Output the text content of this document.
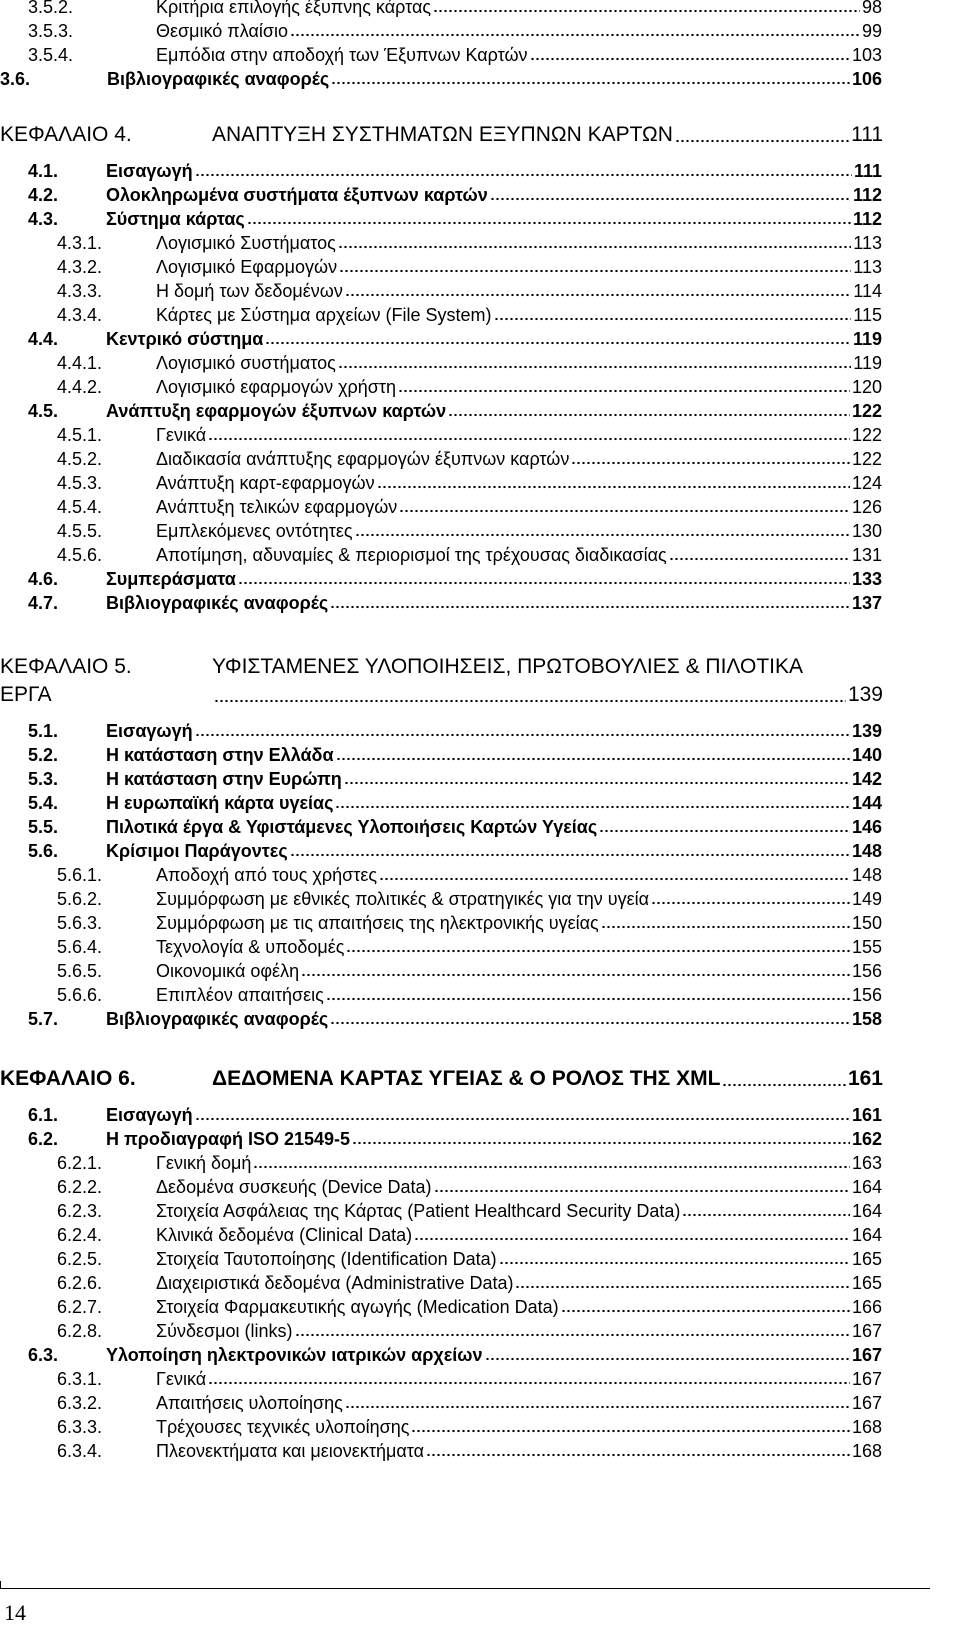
3.5.2.	Κριτήρια επιλογής έξυπνης κάρτας	98
3.5.3.	Θεσμικό πλαίσιο	99
3.5.4.	Εμπόδια στην αποδοχή των Έξυπνων Καρτών	103
3.6.	Βιβλιογραφικές αναφορές	106
ΚΕΦΑΛΑΙΟ 4.	ΑΝΑΠΤΥΞΗ ΣΥΣΤΗΜΑΤΩΝ ΕΞΥΠΝΩΝ ΚΑΡΤΩΝ	111
4.1.	Εισαγωγή	111
4.2.	Ολοκληρωμένα συστήματα έξυπνων καρτών	112
4.3.	Σύστημα κάρτας	112
4.3.1.	Λογισμικό Συστήματος	113
4.3.2.	Λογισμικό Εφαρμογών	113
4.3.3.	Η δομή των δεδομένων	114
4.3.4.	Κάρτες με Σύστημα αρχείων (File System)	115
4.4.	Κεντρικό σύστημα	119
4.4.1.	Λογισμικό συστήματος	119
4.4.2.	Λογισμικό εφαρμογών χρήστη	120
4.5.	Ανάπτυξη εφαρμογών έξυπνων καρτών	122
4.5.1.	Γενικά	122
4.5.2.	Διαδικασία ανάπτυξης εφαρμογών έξυπνων καρτών	122
4.5.3.	Ανάπτυξη καρτ-εφαρμογών	124
4.5.4.	Ανάπτυξη τελικών εφαρμογών	126
4.5.5.	Εμπλεκόμενες οντότητες	130
4.5.6.	Αποτίμηση, αδυναμίες & περιορισμοί της τρέχουσας διαδικασίας	131
4.6.	Συμπεράσματα	133
4.7.	Βιβλιογραφικές αναφορές	137
ΚΕΦΑΛΑΙΟ 5.	ΥΦΙΣΤΑΜΕΝΕΣ ΥΛΟΠΟΙΗΣΕΙΣ, ΠΡΩΤΟΒΟΥΛΙΕΣ & ΠΙΛΟΤΙΚΑ
ΕΡΓΑ	139
5.1.	Εισαγωγή	139
5.2.	Η κατάσταση στην Ελλάδα	140
5.3.	Η κατάσταση στην Ευρώπη	142
5.4.	Η ευρωπαϊκή κάρτα υγείας	144
5.5.	Πιλοτικά έργα & Υφιστάμενες Υλοποιήσεις Καρτών Υγείας	146
5.6.	Κρίσιμοι Παράγοντες	148
5.6.1.	Αποδοχή από τους χρήστες	148
5.6.2.	Συμμόρφωση με εθνικές πολιτικές & στρατηγικές για την υγεία	149
5.6.3.	Συμμόρφωση με τις απαιτήσεις της ηλεκτρονικής υγείας	150
5.6.4.	Τεχνολογία & υποδομές	155
5.6.5.	Οικονομικά οφέλη	156
5.6.6.	Επιπλέον απαιτήσεις	156
5.7.	Βιβλιογραφικές αναφορές	158
ΚΕΦΑΛΑΙΟ 6.	ΔΕΔΟΜΕΝΑ ΚΑΡΤΑΣ ΥΓΕΙΑΣ & Ο ΡΟΛΟΣ ΤΗΣ XML	161
6.1.	Εισαγωγή	161
6.2.	Η προδιαγραφή ISO 21549-5	162
6.2.1.	Γενική δομή	163
6.2.2.	Δεδομένα συσκευής (Device Data)	164
6.2.3.	Στοιχεία Ασφάλειας της Κάρτας (Patient Healthcard Security Data)	164
6.2.4.	Κλινικά δεδομένα (Clinical Data)	164
6.2.5.	Στοιχεία Ταυτοποίησης (Identification Data)	165
6.2.6.	Διαχειριστικά δεδομένα (Administrative Data)	165
6.2.7.	Στοιχεία Φαρμακευτικής αγωγής (Medication Data)	166
6.2.8.	Σύνδεσμοι (links)	167
6.3.	Υλοποίηση ηλεκτρονικών ιατρικών αρχείων	167
6.3.1.	Γενικά	167
6.3.2.	Απαιτήσεις υλοποίησης	167
6.3.3.	Τρέχουσες τεχνικές υλοποίησης	168
6.3.4.	Πλεονεκτήματα και μειονεκτήματα	168
14
